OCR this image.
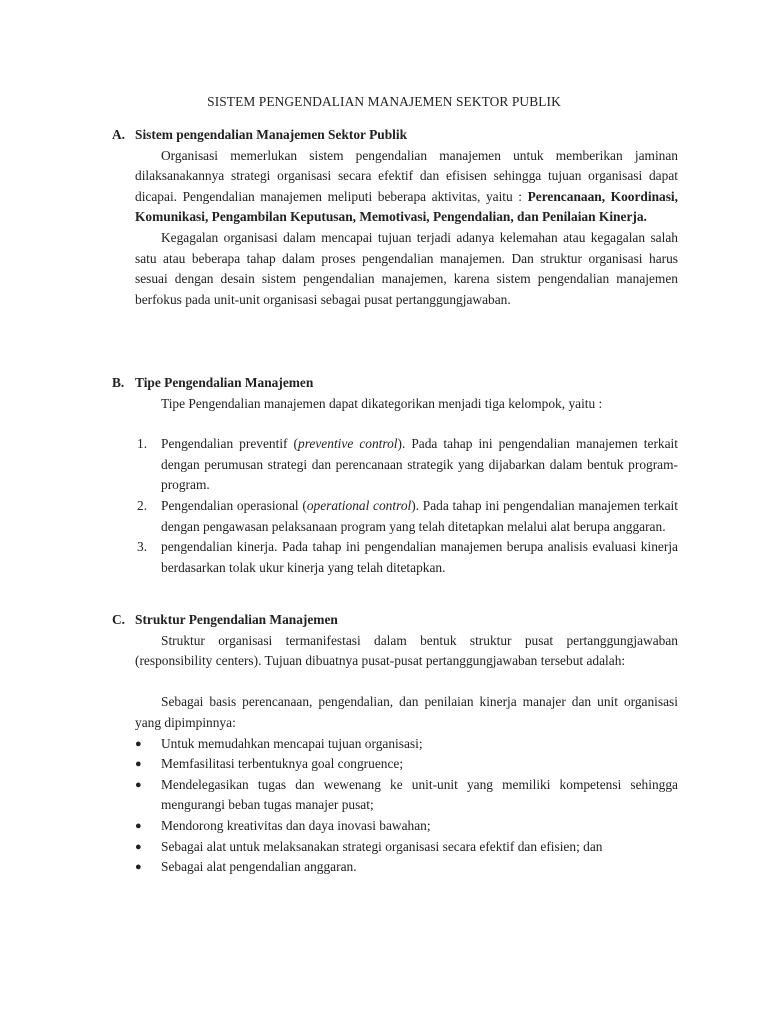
SISTEM PENGENDALIAN MANAJEMEN SEKTOR PUBLIK
A. Sistem pengendalian Manajemen Sektor Publik

Organisasi memerlukan sistem pengendalian manajemen untuk memberikan jaminan dilaksanakannya strategi organisasi secara efektif dan efisisen sehingga tujuan organisasi dapat dicapai. Pengendalian manajemen meliputi beberapa aktivitas, yaitu : Perencanaan, Koordinasi, Komunikasi, Pengambilan Keputusan, Memotivasi, Pengendalian, dan Penilaian Kinerja.

Kegagalan organisasi dalam mencapai tujuan terjadi adanya kelemahan atau kegagalan salah satu atau beberapa tahap dalam proses pengendalian manajemen. Dan struktur organisasi harus sesuai dengan desain sistem pengendalian manajemen, karena sistem pengendalian manajemen berfokus pada unit-unit organisasi sebagai pusat pertanggungjawaban.

B. Tipe Pengendalian Manajemen

Tipe Pengendalian manajemen dapat dikategorikan menjadi tiga kelompok, yaitu :

1. Pengendalian preventif (preventive control). Pada tahap ini pengendalian manajemen terkait dengan perumusan strategi dan perencanaan strategik yang dijabarkan dalam bentuk program-program.
2. Pengendalian operasional (operational control). Pada tahap ini pengendalian manajemen terkait dengan pengawasan pelaksanaan program yang telah ditetapkan melalui alat berupa anggaran.
3. pengendalian kinerja. Pada tahap ini pengendalian manajemen berupa analisis evaluasi kinerja berdasarkan tolak ukur kinerja yang telah ditetapkan.
C. Struktur Pengendalian Manajemen

Struktur organisasi termanifestasi dalam bentuk struktur pusat pertanggungjawaban (responsibility centers). Tujuan dibuatnya pusat-pusat pertanggungjawaban tersebut adalah:

Sebagai basis perencanaan, pengendalian, dan penilaian kinerja manajer dan unit organisasi yang dipimpinnya:

● Untuk memudahkan mencapai tujuan organisasi;
● Memfasilitasi terbentuknya goal congruence;
● Mendelegasikan tugas dan wewenang ke unit-unit yang memiliki kompetensi sehingga mengurangi beban tugas manajer pusat;
● Mendorong kreativitas dan daya inovasi bawahan;
● Sebagai alat untuk melaksanakan strategi organisasi secara efektif dan efisien; dan
● Sebagai alat pengendalian anggaran.
